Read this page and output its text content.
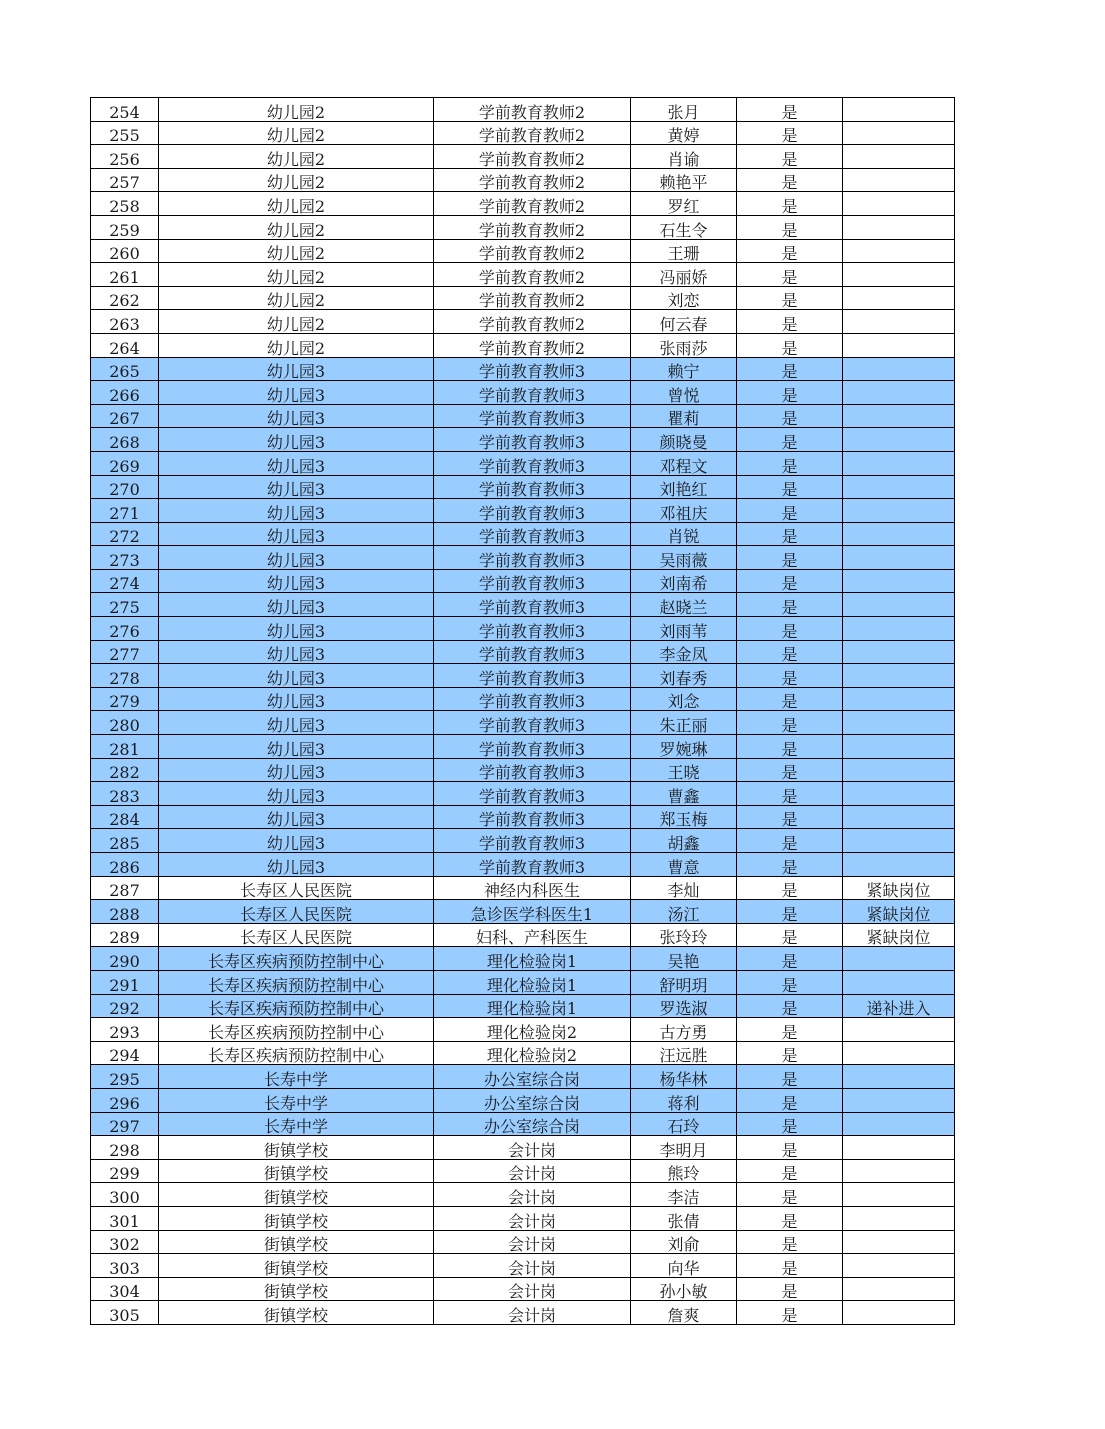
254	幼儿园2	学前教育教师2	张月	是	
255	幼儿园2	学前教育教师2	黄婷	是	
256	幼儿园2	学前教育教师2	肖谕	是	
257	幼儿园2	学前教育教师2	赖艳平	是	
258	幼儿园2	学前教育教师2	罗红	是	
259	幼儿园2	学前教育教师2	石生令	是	
260	幼儿园2	学前教育教师2	王珊	是	
261	幼儿园2	学前教育教师2	冯丽娇	是	
262	幼儿园2	学前教育教师2	刘恋	是	
263	幼儿园2	学前教育教师2	何云春	是	
264	幼儿园2	学前教育教师2	张雨莎	是	
265	幼儿园3	学前教育教师3	赖宁	是	
266	幼儿园3	学前教育教师3	曾悦	是	
267	幼儿园3	学前教育教师3	瞿莉	是	
268	幼儿园3	学前教育教师3	颜晓曼	是	
269	幼儿园3	学前教育教师3	邓程文	是	
270	幼儿园3	学前教育教师3	刘艳红	是	
271	幼儿园3	学前教育教师3	邓祖庆	是	
272	幼儿园3	学前教育教师3	肖锐	是	
273	幼儿园3	学前教育教师3	吴雨薇	是	
274	幼儿园3	学前教育教师3	刘南希	是	
275	幼儿园3	学前教育教师3	赵晓兰	是	
276	幼儿园3	学前教育教师3	刘雨苇	是	
277	幼儿园3	学前教育教师3	李金凤	是	
278	幼儿园3	学前教育教师3	刘春秀	是	
279	幼儿园3	学前教育教师3	刘念	是	
280	幼儿园3	学前教育教师3	朱正丽	是	
281	幼儿园3	学前教育教师3	罗婉琳	是	
282	幼儿园3	学前教育教师3	王晓	是	
283	幼儿园3	学前教育教师3	曹鑫	是	
284	幼儿园3	学前教育教师3	郑玉梅	是	
285	幼儿园3	学前教育教师3	胡鑫	是	
286	幼儿园3	学前教育教师3	曹意	是	
287	长寿区人民医院	神经内科医生	李灿	是	紧缺岗位
288	长寿区人民医院	急诊医学科医生1	汤江	是	紧缺岗位
289	长寿区人民医院	妇科、产科医生	张玲玲	是	紧缺岗位
290	长寿区疾病预防控制中心	理化检验岗1	吴艳	是	
291	长寿区疾病预防控制中心	理化检验岗1	舒明玥	是	
292	长寿区疾病预防控制中心	理化检验岗1	罗选淑	是	递补进入
293	长寿区疾病预防控制中心	理化检验岗2	古方勇	是	
294	长寿区疾病预防控制中心	理化检验岗2	汪远胜	是	
295	长寿中学	办公室综合岗	杨华林	是	
296	长寿中学	办公室综合岗	蒋利	是	
297	长寿中学	办公室综合岗	石玲	是	
298	街镇学校	会计岗	李明月	是	
299	街镇学校	会计岗	熊玲	是	
300	街镇学校	会计岗	李洁	是	
301	街镇学校	会计岗	张倩	是	
302	街镇学校	会计岗	刘俞	是	
303	街镇学校	会计岗	向华	是	
304	街镇学校	会计岗	孙小敏	是	
305	街镇学校	会计岗	詹爽	是	
